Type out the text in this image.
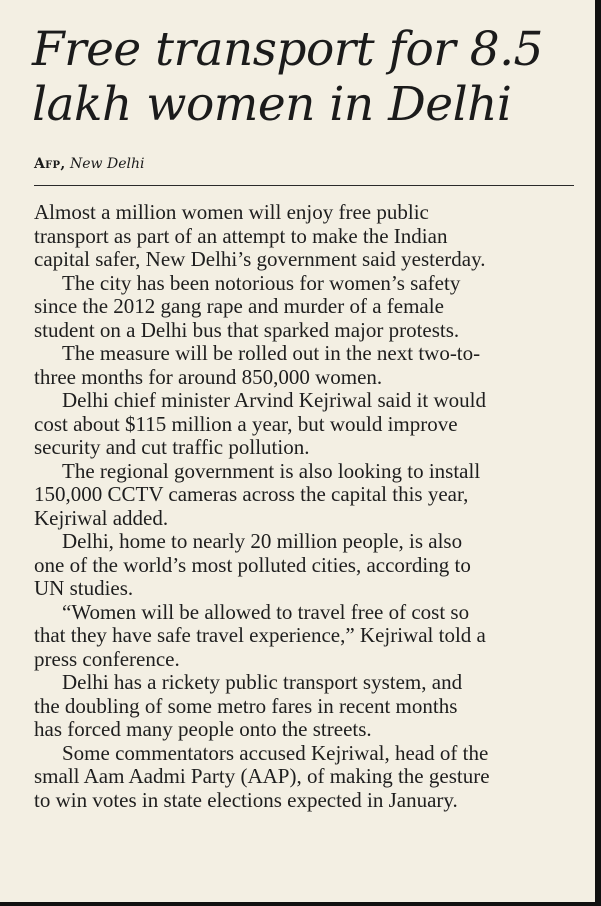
Free transport for 8.5
lakh women in Delhi
Afp, New Delhi
Almost a million women will enjoy free public
transport as part of an attempt to make the Indian
capital safer, New Delhi’s government said yesterday.
The city has been notorious for women’s safety
since the 2012 gang rape and murder of a female
student on a Delhi bus that sparked major protests.
The measure will be rolled out in the next two-to-
three months for around 850,000 women.
Delhi chief minister Arvind Kejriwal said it would
cost about $115 million a year, but would improve
security and cut traffic pollution.
The regional government is also looking to install
150,000 CCTV cameras across the capital this year,
Kejriwal added.
Delhi, home to nearly 20 million people, is also
one of the world’s most polluted cities, according to
UN studies.
“Women will be allowed to travel free of cost so
that they have safe travel experience,” Kejriwal told a
press conference.
Delhi has a rickety public transport system, and
the doubling of some metro fares in recent months
has forced many people onto the streets.
Some commentators accused Kejriwal, head of the
small Aam Aadmi Party (AAP), of making the gesture
to win votes in state elections expected in January.
